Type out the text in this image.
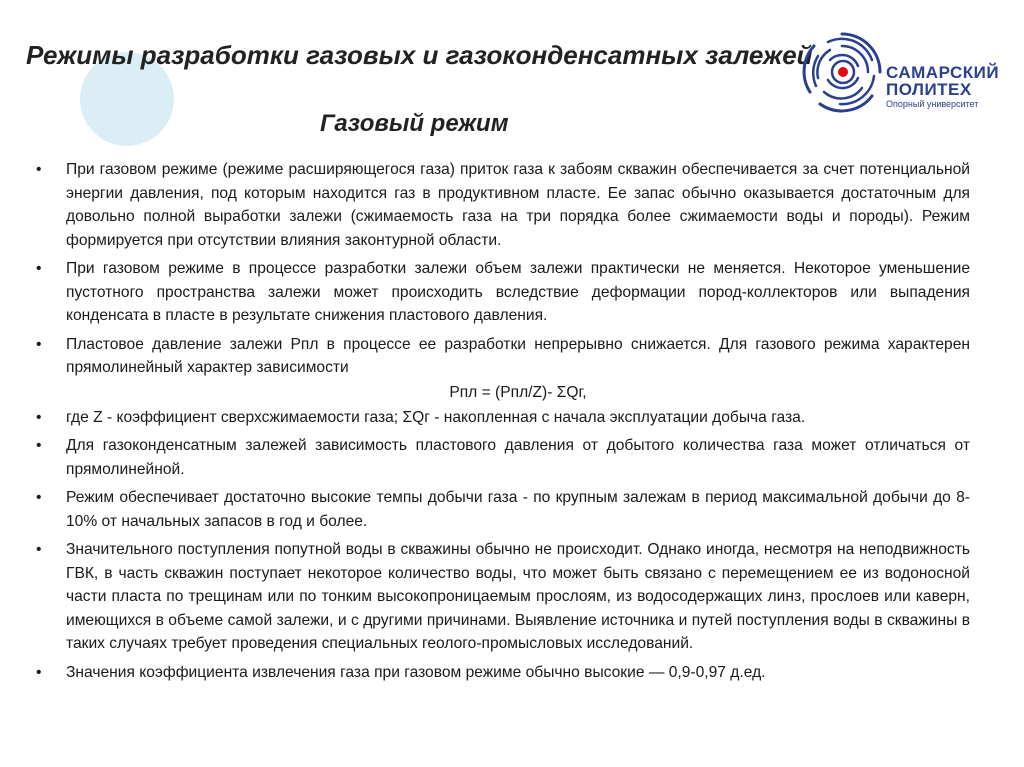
Режимы разработки газовых и газоконденсатных залежей
Газовый режим
САМАРСКИЙ
ПОЛИТЕХ
Опорный университет
•	При газовом режиме (режиме расширяющегося газа) приток газа к забоям скважин обеспечивается за счет потенциальной энергии давления, под которым находится газ в продуктивном пласте. Ее запас обычно оказывается достаточным для довольно полной выработки залежи (сжимаемость газа на три порядка более сжимаемости воды и породы). Режим формируется при отсутствии влияния законтурной области.
•	При газовом режиме в процессе разработки залежи объем залежи практически не меняется. Некоторое уменьшение пустотного пространства залежи может происходить вследствие деформации пород-коллекторов или выпадения конденсата в пласте в результате снижения пластового давления.
•	Пластовое давление залежи Рпл в процессе ее разработки непрерывно снижается. Для газового режима характерен прямолинейный характер зависимости
Рпл = (Рпл/Z)- ΣQг,
•	где Z - коэффициент сверхсжимаемости газа; ΣQг - накопленная с начала эксплуатации добыча газа.
•	Для газоконденсатным залежей зависимость пластового давления от добытого количества газа может отличаться от прямолинейной.
•	Режим обеспечивает достаточно высокие темпы добычи газа - по крупным залежам в период максимальной добычи до 8-10% от начальных запасов в год и более.
•	Значительного поступления попутной воды в скважины обычно не происходит. Однако иногда, несмотря на неподвижность ГВК, в часть скважин поступает некоторое количество воды, что может быть связано с перемещением ее из водоносной части пласта по трещинам или по тонким высокопроницаемым прослоям, из водосодержащих линз, прослоев или каверн, имеющихся в объеме самой залежи, и с другими причинами. Выявление источника и путей поступления воды в скважины в таких случаях требует проведения специальных геолого-промысловых исследований.
•	Значения коэффициента извлечения газа при газовом режиме обычно высокие — 0,9-0,97 д.ед.
